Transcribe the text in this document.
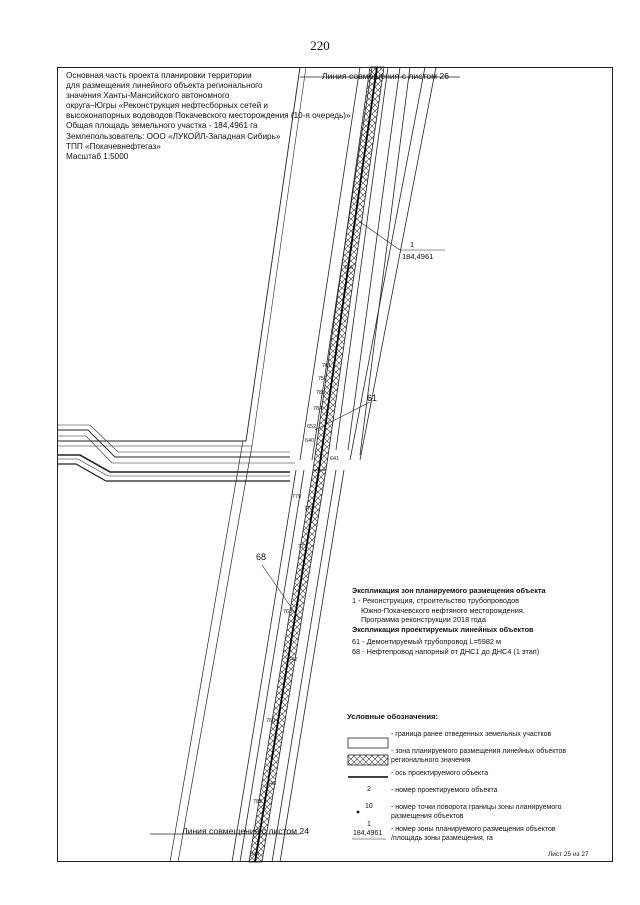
220
Основная часть проекта планировки территории
для размещения линейного объекта регионального
значения Ханты-Мансийского автономного
округа–Югры «Реконструкция нефтесборных сетей и
высоконапорных водоводов Покачевского месторождения (10-я очередь)»
Общая площадь земельного участка - 184,4961 га
Землепользователь: ООО «ЛУКОЙЛ-Западная Сибирь»
ТПП «Покачевнефтегаз»
Масштаб 1:5000
Линия совмещения с листом 26
Линия совмещения с листом 24
1
184,4961
61
68
766
761
757
785
784
652
640
641
779
773
777
768
642
760
643
785
844
Экспликация зон планируемого размещения объекта
1 - Реконструкция, строительство трубопроводов
Южно-Покачевского нефтяного месторождения.
Программа реконструкции 2018 года
Экспликация проектируемых линейных объектов
61 - Демонтируемый трубопровод L=5982 м
68 - Нефтепровод напорный от ДНС1 до ДНС4 (1 этап)
Условные обозначения:
- граница ранее отведенных земельных участков
- зона планируемого размещения линейных объектов
регионального значения
- ось проектируемого объекта
2	- номер проектируемого объекта
10	- номер точки поворота границы зоны планируемого
размещения объектов
1
184,4961
- номер зоны планируемого размещения объектов
/площадь зоны размещения, га
Лист 25 из 27
